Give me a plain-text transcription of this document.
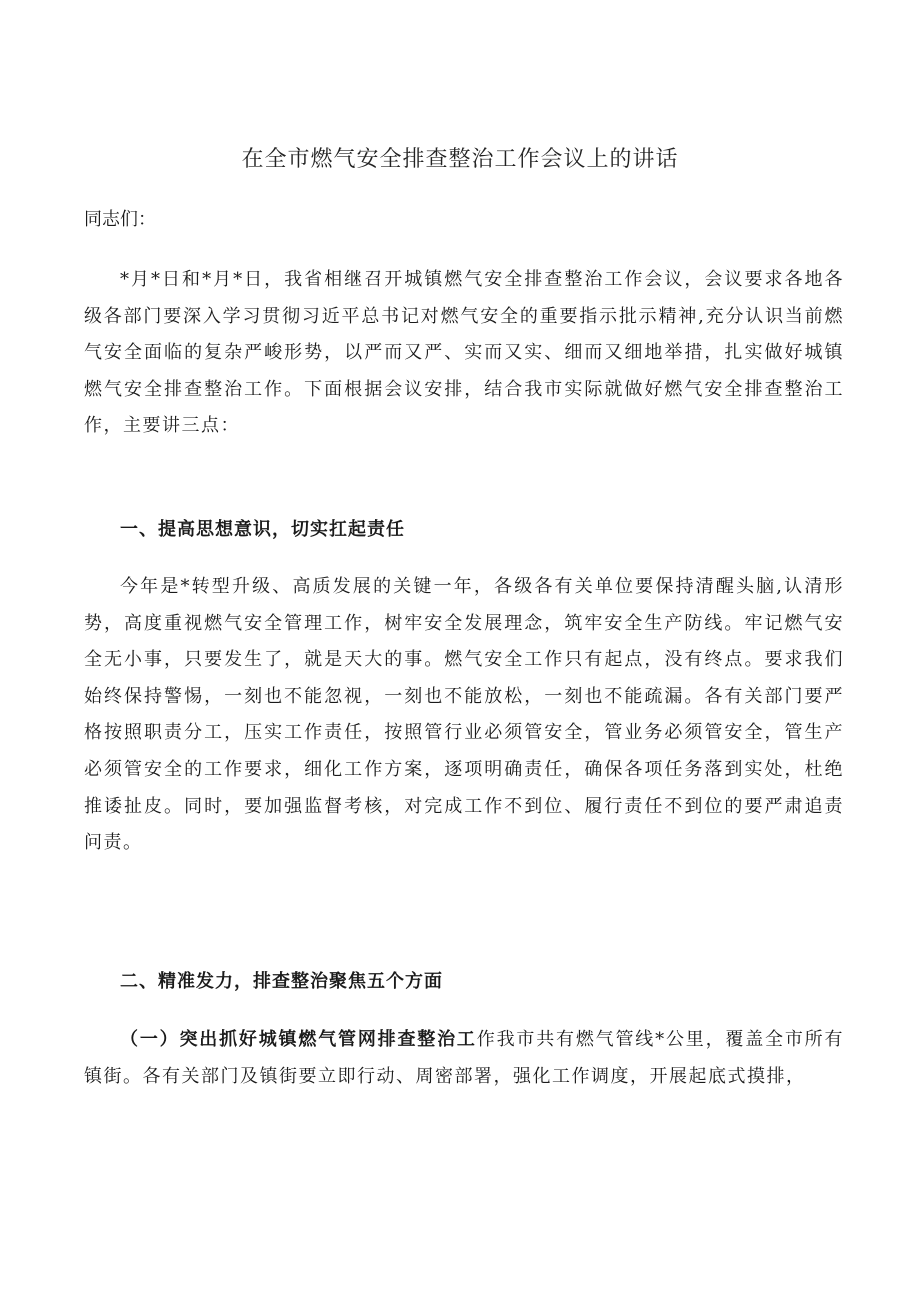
在全市燃气安全排查整治工作会议上的讲话
同志们：

*月*日和*月*日，我省相继召开城镇燃气安全排查整治工作会议，会议要求各地各级各部门要深入学习贯彻习近平总书记对燃气安全的重要指示批示精神,充分认识当前燃气安全面临的复杂严峻形势，以严而又严、实而又实、细而又细地举措，扎实做好城镇燃气安全排查整治工作。下面根据会议安排，结合我市实际就做好燃气安全排查整治工作，主要讲三点：

一、提高思想意识，切实扛起责任

今年是*转型升级、高质发展的关键一年，各级各有关单位要保持清醒头脑,认清形势，高度重视燃气安全管理工作，树牢安全发展理念，筑牢安全生产防线。牢记燃气安全无小事，只要发生了，就是天大的事。燃气安全工作只有起点，没有终点。要求我们始终保持警惕，一刻也不能忽视，一刻也不能放松，一刻也不能疏漏。各有关部门要严格按照职责分工，压实工作责任，按照管行业必须管安全，管业务必须管安全，管生产必须管安全的工作要求，细化工作方案，逐项明确责任，确保各项任务落到实处，杜绝推诿扯皮。同时，要加强监督考核，对完成工作不到位、履行责任不到位的要严肃追责问责。

二、精准发力，排查整治聚焦五个方面

（一）突出抓好城镇燃气管网排查整治工作我市共有燃气管线*公里，覆盖全市所有镇街。各有关部门及镇街要立即行动、周密部署，强化工作调度，开展起底式摸排，
